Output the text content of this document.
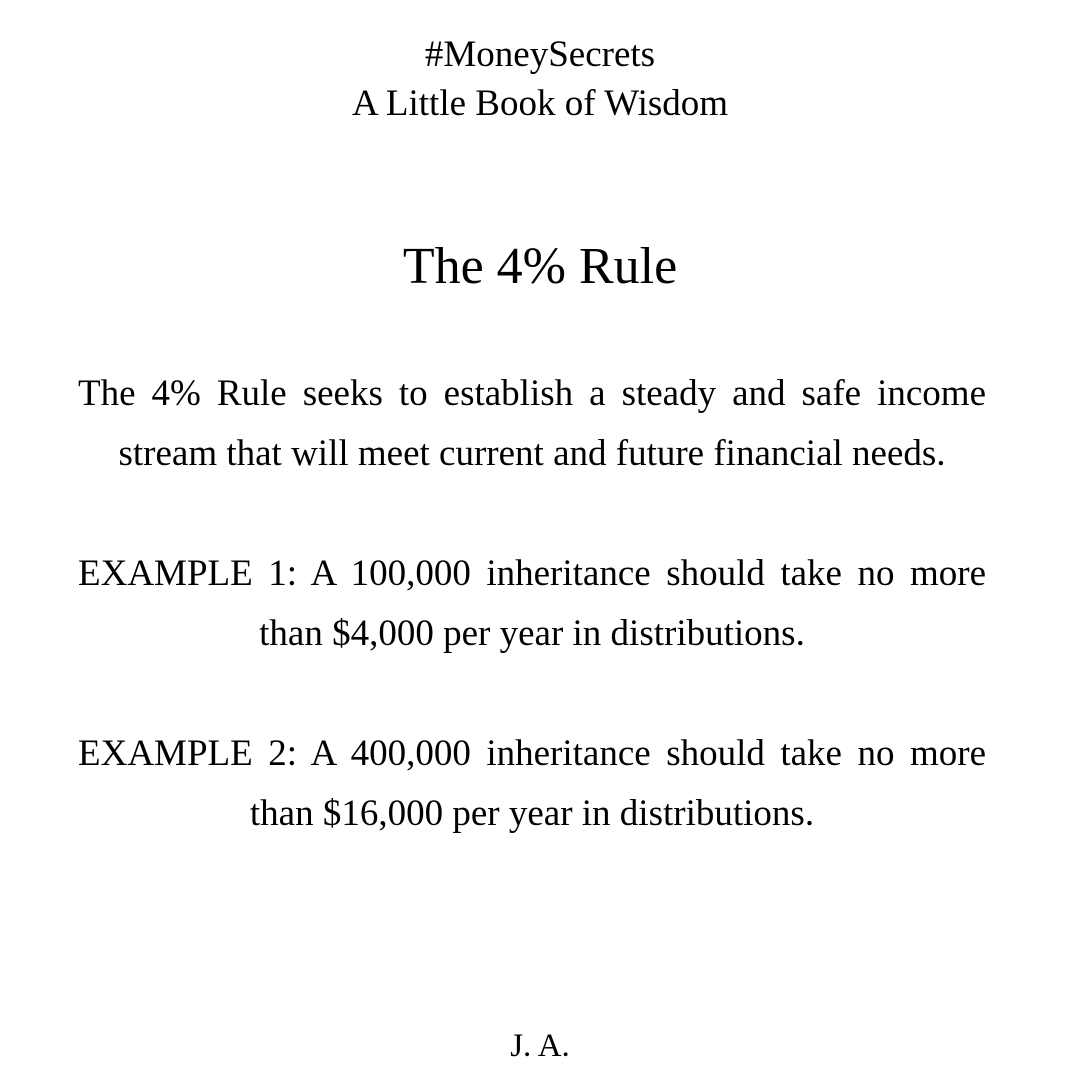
#MoneySecrets
A Little Book of Wisdom
The 4% Rule

The 4% Rule seeks to establish a steady and safe income stream that will meet current and future financial needs.

EXAMPLE 1: A 100,000 inheritance should take no more than $4,000 per year in distributions.

EXAMPLE 2: A 400,000 inheritance should take no more than $16,000 per year in distributions.

J. A.
